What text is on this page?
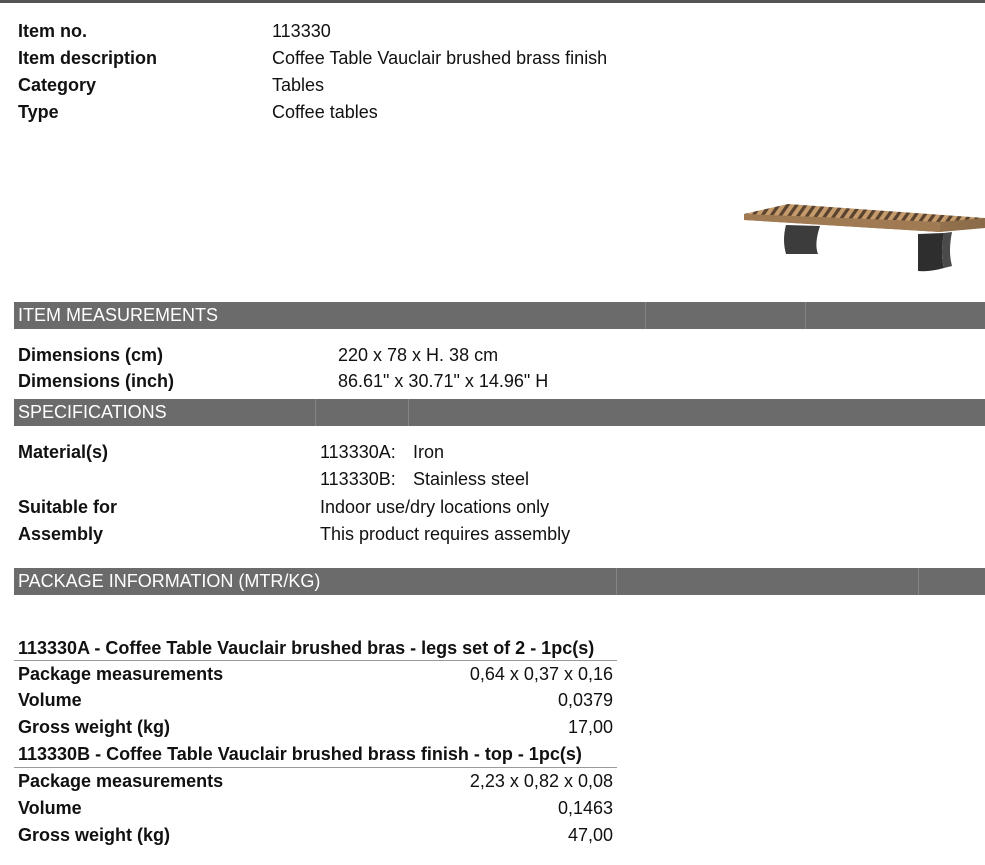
Item no.	113330
Item description	Coffee Table Vauclair brushed brass finish
Category	Tables
Type	Coffee tables
ITEM MEASUREMENTS
Dimensions (cm)	220 x 78 x H. 38 cm
Dimensions (inch)	86.61" x 30.71" x 14.96" H
SPECIFICATIONS
Material(s)	113330A: Iron
113330B: Stainless steel
Suitable for	Indoor use/dry locations only
Assembly	This product requires assembly
PACKAGE INFORMATION (MTR/KG)
113330A - Coffee Table Vauclair brushed bras - legs set of 2 - 1pc(s)
Package measurements	0,64 x 0,37 x 0,16
Volume	0,0379
Gross weight (kg)	17,00
113330B - Coffee Table Vauclair brushed brass finish - top - 1pc(s)
Package measurements	2,23 x 0,82 x 0,08
Volume	0,1463
Gross weight (kg)	47,00
